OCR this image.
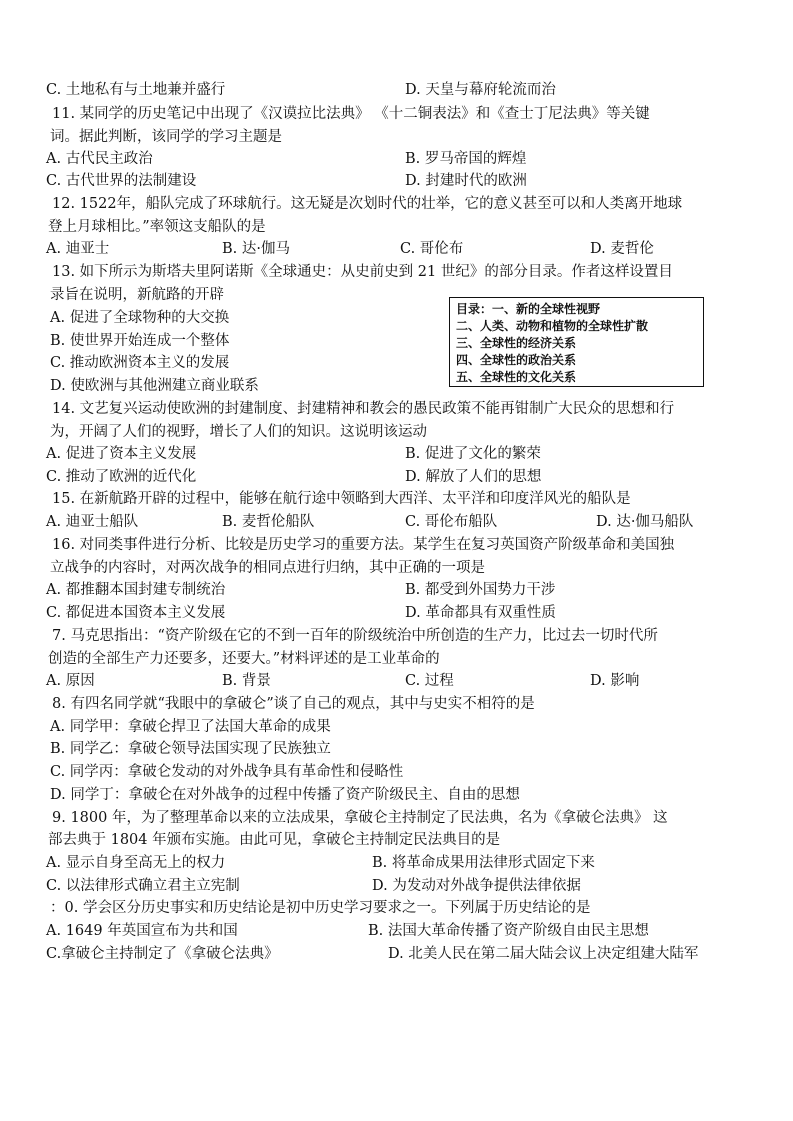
C. 土地私有与土地兼并盛行	D. 天皇与幕府轮流而治
11. 某同学的历史笔记中出现了《汉谟拉比法典》 《十二铜表法》和《查士丁尼法典》等关键
词。据此判断，该同学的学习主题是
A. 古代民主政治	B. 罗马帝国的辉煌
C. 古代世界的法制建设	D. 封建时代的欧洲
12. 1522年，船队完成了环球航行。这无疑是次划时代的壮举，它的意义甚至可以和人类离开地球
登上月球相比。”率领这支船队的是
A. 迪亚士	B. 达·伽马	C. 哥伦布	D. 麦哲伦
13. 如下所示为斯塔夫里阿诺斯《全球通史：从史前史到 21 世纪》的部分目录。作者这样设置目
录旨在说明，新航路的开辟
A. 促进了全球物种的大交换
B. 使世界开始连成一个整体
C. 推动欧洲资本主义的发展
D. 使欧洲与其他洲建立商业联系
14. 文艺复兴运动使欧洲的封建制度、封建精神和教会的愚民政策不能再钳制广大民众的思想和行
为，开阔了人们的视野，增长了人们的知识。这说明该运动
A. 促进了资本主义发展	B. 促进了文化的繁荣
C. 推动了欧洲的近代化	D. 解放了人们的思想
15. 在新航路开辟的过程中，能够在航行途中领略到大西洋、太平洋和印度洋风光的船队是
A. 迪亚士船队	B. 麦哲伦船队	C. 哥伦布船队	D. 达·伽马船队
16. 对同类事件进行分析、比较是历史学习的重要方法。某学生在复习英国资产阶级革命和美国独
立战争的内容时，对两次战争的相同点进行归纳，其中正确的一项是
A. 都推翻本国封建专制统治	B. 都受到外国势力干涉
C. 都促进本国资本主义发展	D. 革命都具有双重性质
7. 马克思指出：“资产阶级在它的不到一百年的阶级统治中所创造的生产力，比过去一切时代所
创造的全部生产力还要多，还要大。”材料评述的是工业革命的
A. 原因	B. 背景	C. 过程	D. 影响
8. 有四名同学就“我眼中的拿破仑”谈了自己的观点，其中与史实不相符的是
A. 同学甲：拿破仑捍卫了法国大革命的成果
B. 同学乙：拿破仑领导法国实现了民族独立
C. 同学丙：拿破仑发动的对外战争具有革命性和侵略性
D. 同学丁：拿破仑在对外战争的过程中传播了资产阶级民主、自由的思想
9. 1800 年，为了整理革命以来的立法成果，拿破仑主持制定了民法典，名为《拿破仑法典》 这
部去典于 1804 年颁布实施。由此可见，拿破仑主持制定民法典目的是
A. 显示自身至高无上的权力	B. 将革命成果用法律形式固定下来
C. 以法律形式确立君主立宪制	D. 为发动对外战争提供法律依据
：0. 学会区分历史事实和历史结论是初中历史学习要求之一。下列属于历史结论的是
A. 1649 年英国宣布为共和国	B. 法国大革命传播了资产阶级自由民主思想
C.拿破仑主持制定了《拿破仑法典》	D. 北美人民在第二届大陆会议上决定组建大陆军
目录：一、新的全球性视野
二、人类、动物和植物的全球性扩散
三、全球性的经济关系
四、全球性的政治关系
五、全球性的文化关系
